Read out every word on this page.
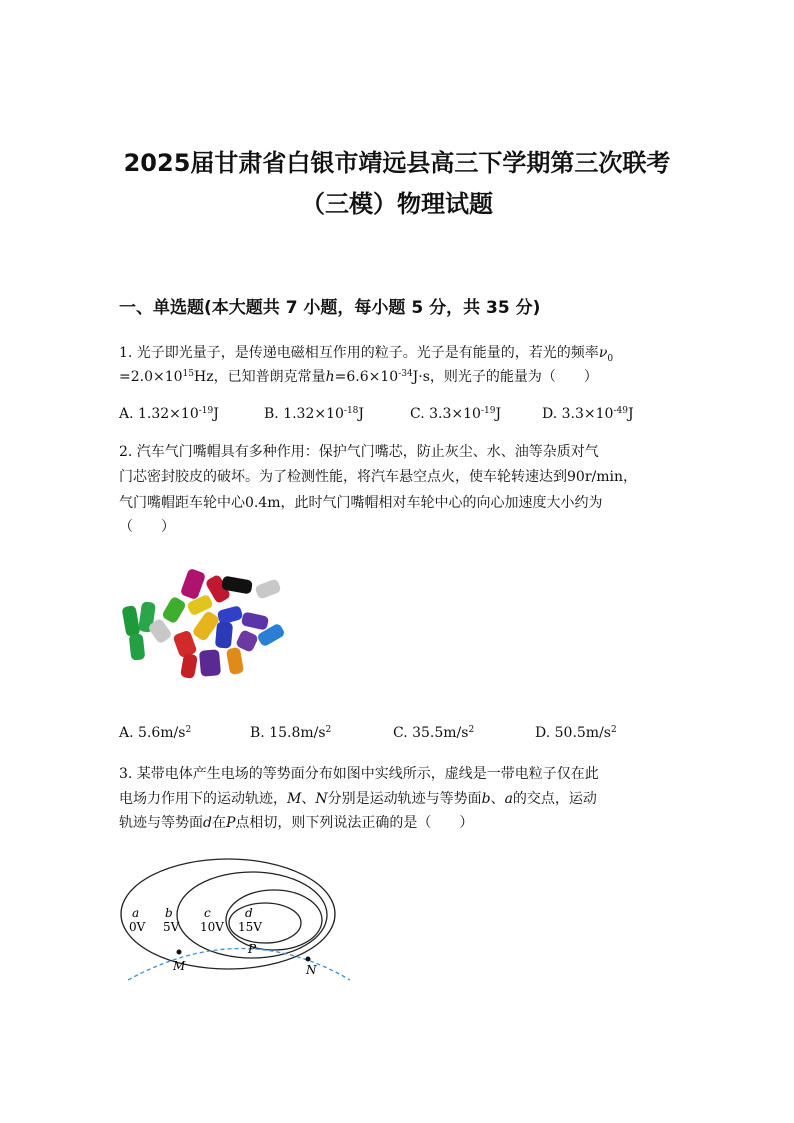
2025届甘肃省白银市靖远县高三下学期第三次联考
（三模）物理试题
一、单选题(本大题共 7 小题，每小题 5 分，共 35 分)
1. 光子即光量子，是传递电磁相互作用的粒子。光子是有能量的，若光的频率$\nu_0$
$=2.0\times 10^{15}Hz$，已知普朗克常量$h=6.6\times 10^{-34}J\cdot s$，则光子的能量为（　　）
A. $1.32\times 10^{-19}J$	B. $1.32\times 10^{-18}J$	C. $3.3\times 10^{-19}J$	D. $3.3\times 10^{-49}J$
2. 汽车气门嘴帽具有多种作用：保护气门嘴芯，防止灰尘、水、油等杂质对气
门芯密封胶皮的破坏。为了检测性能，将汽车悬空点火，使车轮转速达到90r/min，
气门嘴帽距车轮中心0.4m，此时气门嘴帽相对车轮中心的向心加速度大小约为
（　　）
A. $5.6m/s^2$	B. $15.8m/s^2$	C. $35.5m/s^2$	D. $50.5m/s^2$
3. 某带电体产生电场的等势面分布如图中实线所示，虚线是一带电粒子仅在此
电场力作用下的运动轨迹，M、N分别是运动轨迹与等势面b、a的交点，运动
轨迹与等势面d在P点相切，则下列说法正确的是（　　）
a
0V
b
5V
c
10V
d
15V
M	N
P
